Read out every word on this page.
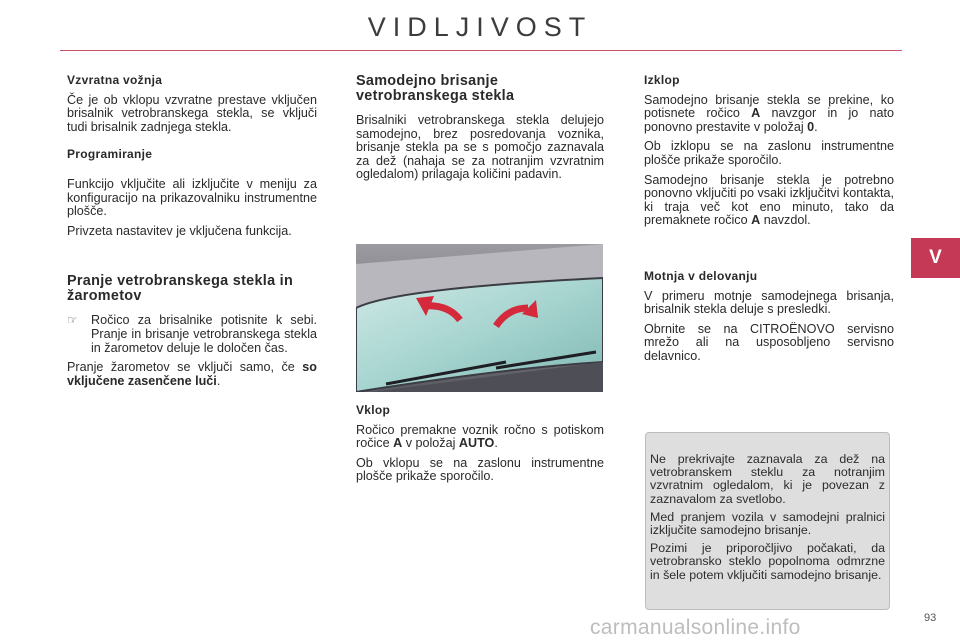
VIDLJIVOST
V
Vzvratna vožnja

Če je ob vklopu vzvratne prestave vključen brisalnik vetrobranskega stekla, se vključi tudi brisalnik zadnjega stekla.

Programiranje

Funkcijo vključite ali izključite v meniju za konfiguracijo na prikazovalniku instrumentne plošče.

Privzeta nastavitev je vključena funkcija.

Pranje vetrobranskega stekla in žarometov
☞	Ročico za brisalnike potisnite k sebi. Pranje in brisanje vetrobranskega stekla in žarometov deluje le določen čas.

Pranje žarometov se vključi samo, če so vključene zasenčene luči.

Samodejno brisanje vetrobranskega stekla

Brisalniki vetrobranskega stekla delujejo samodejno, brez posredovanja voznika, brisanje stekla pa se s pomočjo zaznavala za dež (nahaja se za notranjim vzvratnim ogledalom) prilagaja količini padavin.

Vklop

Ročico premakne voznik ročno s potiskom ročice A v položaj AUTO.

Ob vklopu se na zaslonu instrumentne plošče prikaže sporočilo.

Izklop

Samodejno brisanje stekla se prekine, ko potisnete ročico A navzgor in jo nato ponovno prestavite v položaj 0.

Ob izklopu se na zaslonu instrumentne plošče prikaže sporočilo.

Samodejno brisanje stekla je potrebno ponovno vključiti po vsaki izključitvi kontakta, ki traja več kot eno minuto, tako da premaknete ročico A navzdol.

Motnja v delovanju

V primeru motnje samodejnega brisanja, brisalnik stekla deluje s presledki.

Obrnite se na CITROËNOVO servisno mrežo ali na usposobljeno servisno delavnico.

Ne prekrivajte zaznavala za dež na vetrobranskem steklu za notranjim vzvratnim ogledalom, ki je povezan z zaznavalom za svetlobo.

Med pranjem vozila v samodejni pralnici izključite samodejno brisanje.

Pozimi je priporočljivo počakati, da vetrobransko steklo popolnoma odmrzne in šele potem vključiti samodejno brisanje.

carmanualsonline.info	93
